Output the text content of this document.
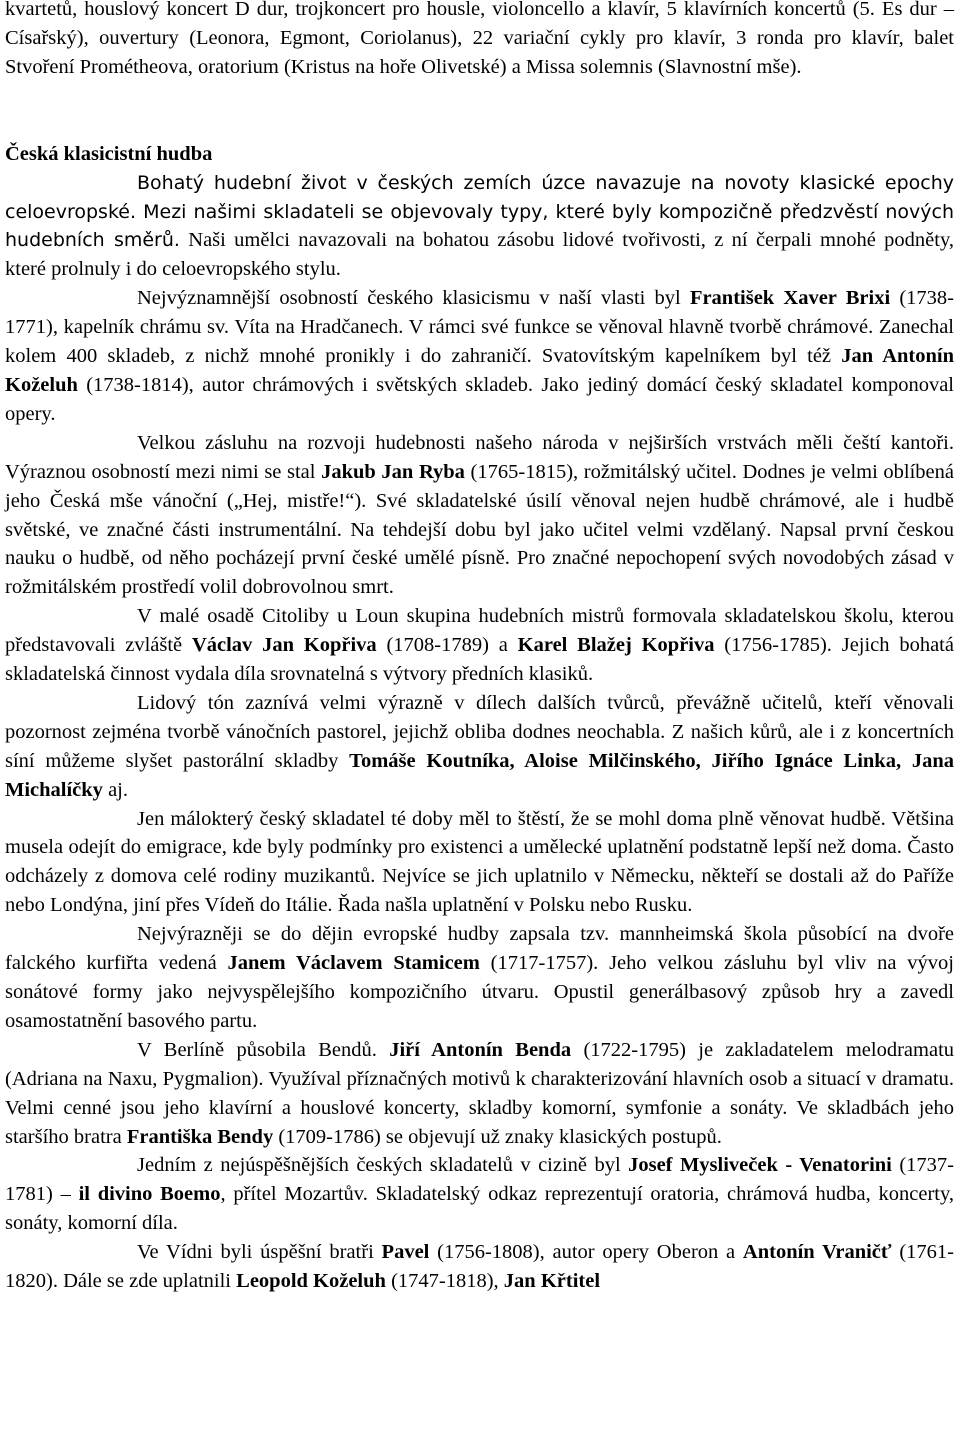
kvartetů, houslový koncert D dur, trojkoncert pro housle, violoncello a klavír, 5 klavírních koncertů (5. Es dur – Císařský), ouvertury (Leonora, Egmont, Coriolanus), 22 variační cykly pro klavír, 3 ronda pro klavír, balet Stvoření Prométheova, oratorium (Kristus na hoře Olivetské) a Missa solemnis (Slavnostní mše).

Česká klasicistní hudba

Bohatý hudební život v českých zemích úzce navazuje na novoty klasické epochy celoevropské. Mezi našimi skladateli se objevovaly typy, které byly kompozičně předzvěstí nových hudebních směrů. Naši umělci navazovali na bohatou zásobu lidové tvořivosti, z ní čerpali mnohé podněty, které prolnuly i do celoevropského stylu.

Nejvýznamnější osobností českého klasicismu v naší vlasti byl František Xaver Brixi (1738-1771), kapelník chrámu sv. Víta na Hradčanech. V rámci své funkce se věnoval hlavně tvorbě chrámové. Zanechal kolem 400 skladeb, z nichž mnohé pronikly i do zahraničí. Svatovítským kapelníkem byl též Jan Antonín Koželuh (1738-1814), autor chrámových i světských skladeb. Jako jediný domácí český skladatel komponoval opery.

Velkou zásluhu na rozvoji hudebnosti našeho národa v nejširších vrstvách měli čeští kantoři. Výraznou osobností mezi nimi se stal Jakub Jan Ryba (1765-1815), rožmitálský učitel. Dodnes je velmi oblíbená jeho Česká mše vánoční („Hej, mistře!“). Své skladatelské úsilí věnoval nejen hudbě chrámové, ale i hudbě světské, ve značné části instrumentální. Na tehdejší dobu byl jako učitel velmi vzdělaný. Napsal první českou nauku o hudbě, od něho pocházejí první české umělé písně. Pro značné nepochopení svých novodobých zásad v rožmitálském prostředí volil dobrovolnou smrt.

V malé osadě Citoliby u Loun skupina hudebních mistrů formovala skladatelskou školu, kterou představovali zvláště Václav Jan Kopřiva (1708-1789) a Karel Blažej Kopřiva (1756-1785). Jejich bohatá skladatelská činnost vydala díla srovnatelná s výtvory předních klasiků.

Lidový tón zaznívá velmi výrazně v dílech dalších tvůrců, převážně učitelů, kteří věnovali pozornost zejména tvorbě vánočních pastorel, jejichž obliba dodnes neochabla. Z našich kůrů, ale i z koncertních síní můžeme slyšet pastorální skladby Tomáše Koutníka, Aloise Milčinského, Jiřího Ignáce Linka, Jana Michalíčky aj.

Jen málokterý český skladatel té doby měl to štěstí, že se mohl doma plně věnovat hudbě. Většina musela odejít do emigrace, kde byly podmínky pro existenci a umělecké uplatnění podstatně lepší než doma. Často odcházely z domova celé rodiny muzikantů. Nejvíce se jich uplatnilo v Německu, někteří se dostali až do Paříže nebo Londýna, jiní přes Vídeň do Itálie. Řada našla uplatnění v Polsku nebo Rusku.

Nejvýrazněji se do dějin evropské hudby zapsala tzv. mannheimská škola působící na dvoře falckého kurfiřta vedená Janem Václavem Stamicem (1717-1757). Jeho velkou zásluhu byl vliv na vývoj sonátové formy jako nejvyspělejšího kompozičního útvaru. Opustil generálbasový způsob hry a zavedl osamostatnění basového partu.

V Berlíně působila Bendů. Jiří Antonín Benda (1722-1795) je zakladatelem melodramatu (Adriana na Naxu, Pygmalion). Využíval příznačných motivů k charakterizování hlavních osob a situací v dramatu. Velmi cenné jsou jeho klavírní a houslové koncerty, skladby komorní, symfonie a sonáty. Ve skladbách jeho staršího bratra Františka Bendy (1709-1786) se objevují už znaky klasických postupů.

Jedním z nejúspěšnějších českých skladatelů v cizině byl Josef Mysliveček - Venatorini (1737-1781) – il divino Boemo, přítel Mozartův. Skladatelský odkaz reprezentují oratoria, chrámová hudba, koncerty, sonáty, komorní díla.

Ve Vídni byli úspěšní bratři Pavel (1756-1808), autor opery Oberon a Antonín Vraničť (1761-1820). Dále se zde uplatnili Leopold Koželuh (1747-1818), Jan Křtitel
